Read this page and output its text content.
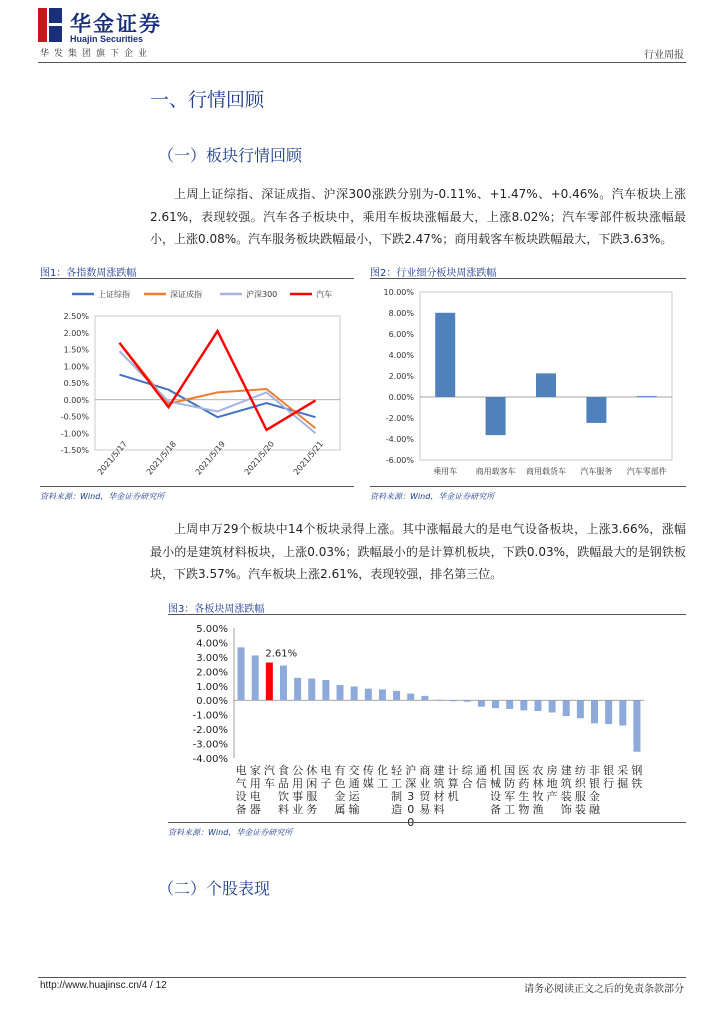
华金证券
Huajin Securities
华发集团旗下企业	行业周报
一、行情回顾
（一）板块行情回顾
上周上证综指、深证成指、沪深300涨跌分别为-0.11%、+1.47%、+0.46%。汽车板块上涨2.61%，表现较强。汽车各子板块中，乘用车板块涨幅最大，上涨8.02%；汽车零部件板块涨幅最小，上涨0.08%。汽车服务板块跌幅最小，下跌2.47%；商用载客车板块跌幅最大，下跌3.63%。
图1：各指数周涨跌幅
2.50%
2.00%
1.50%
1.00%
0.50%
0.00%
-0.50%
-1.00%
-1.50% 2021/5/17 2021/5/18 2021/5/19 2021/5/20 2021/5/21
上证综指	深证成指	沪深300	汽车
资料来源：Wind，华金证券研究所
图2：行业细分板块周涨跌幅
10.00%
8.00%
6.00%
4.00%
2.00%
0.00%
-2.00%
-4.00%
-6.00%
乘用车 商用载客车 商用载货车 汽车服务 汽车零部件
资料来源：Wind，华金证券研究所
上周申万29个板块中14个板块录得上涨。其中涨幅最大的是电气设备板块，上涨3.66%，涨幅最小的是建筑材料板块，上涨0.03%；跌幅最小的是计算机板块，下跌0.03%，跌幅最大的是钢铁板块，下跌3.57%。汽车板块上涨2.61%，表现较强，排名第三位。
图3：各板块周涨跌幅
5.00%
4.00%
3.00%
2.00%
1.00%
0.00%
-1.00%
-2.00%
-3.00%
-4.00%
电气设备
家用电器
2.61%
汽车
食品饮料
公用事业
休闲服务
电子
有色金属
交通运输
传媒
化工
轻工制造
沪深 3 0 0
商业贸易
建筑材料
计算机
综合
通信
机械设备
国防军工
医药生物
农林牧渔
房地产
建筑装饰
纺织服装
非银金融
银行
采掘
钢铁
资料来源：Wind，华金证券研究所
（二）个股表现
http://www.huajinsc.cn/4 / 12	请务必阅读正文之后的免责条款部分
